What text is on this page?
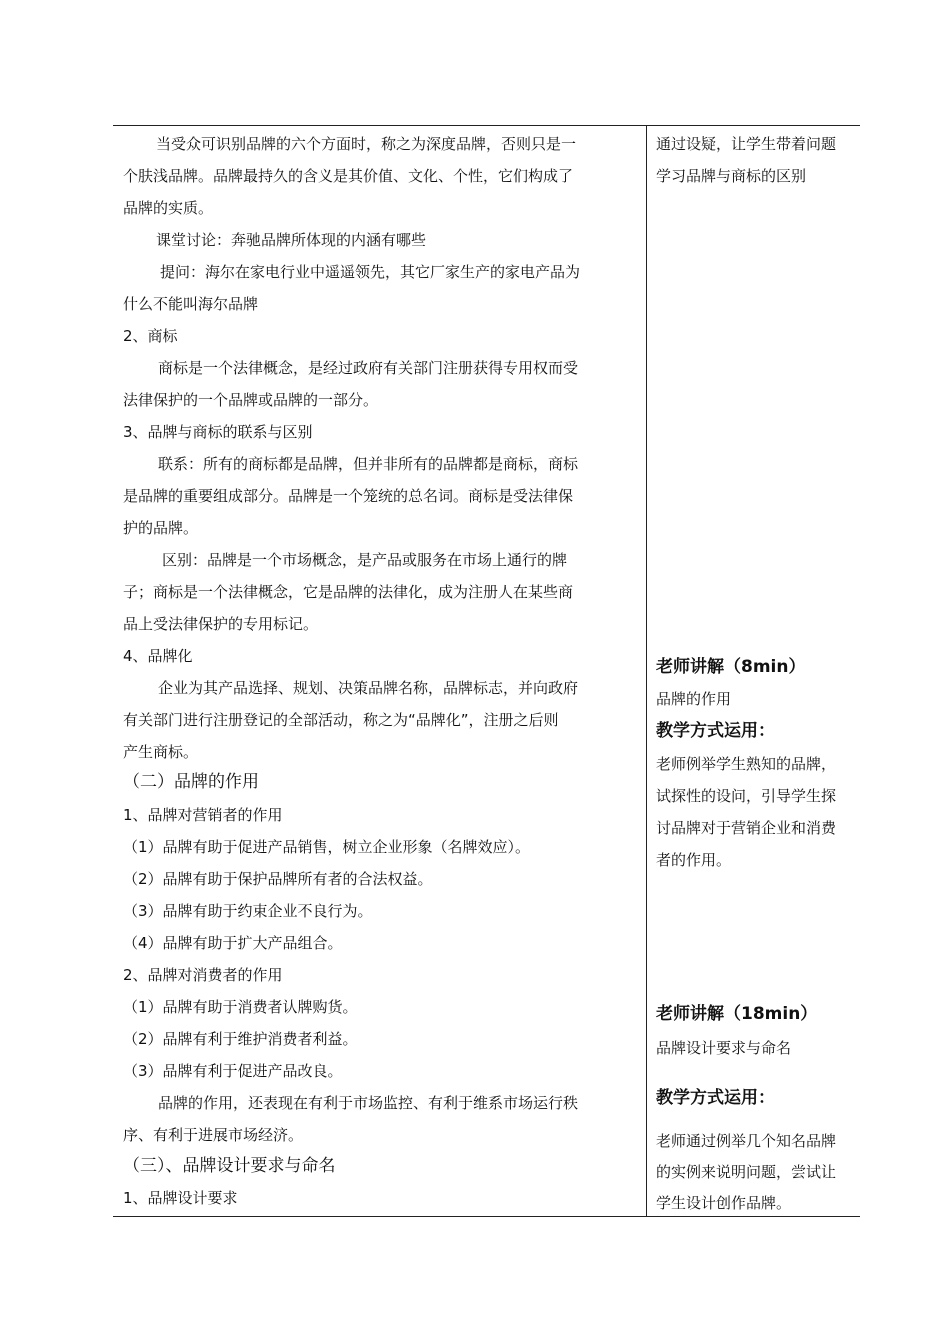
当受众可识别品牌的六个方面时，称之为深度品牌，否则只是一
个肤浅品牌。品牌最持久的含义是其价值、文化、个性，它们构成了
品牌的实质。
课堂讨论：奔驰品牌所体现的内涵有哪些
提问：海尔在家电行业中遥遥领先，其它厂家生产的家电产品为
什么不能叫海尔品牌
2、商标
商标是一个法律概念，是经过政府有关部门注册获得专用权而受
法律保护的一个品牌或品牌的一部分。
3、品牌与商标的联系与区别
联系：所有的商标都是品牌，但并非所有的品牌都是商标，商标
是品牌的重要组成部分。品牌是一个笼统的总名词。商标是受法律保
护的品牌。
区别：品牌是一个市场概念，是产品或服务在市场上通行的牌
子；商标是一个法律概念，它是品牌的法律化，成为注册人在某些商
品上受法律保护的专用标记。
4、品牌化
企业为其产品选择、规划、决策品牌名称，品牌标志，并向政府
有关部门进行注册登记的全部活动，称之为“品牌化”，注册之后则
产生商标。
（二）品牌的作用
1、品牌对营销者的作用
（1）品牌有助于促进产品销售，树立企业形象（名牌效应）。
（2）品牌有助于保护品牌所有者的合法权益。
（3）品牌有助于约束企业不良行为。
（4）品牌有助于扩大产品组合。
2、品牌对消费者的作用
（1）品牌有助于消费者认牌购货。
（2）品牌有利于维护消费者利益。
（3）品牌有利于促进产品改良。
品牌的作用，还表现在有利于市场监控、有利于维系市场运行秩
序、有利于进展市场经济。
（三）、品牌设计要求与命名
1、品牌设计要求
通过设疑，让学生带着问题
学习品牌与商标的区别
老师讲解（8min）
品牌的作用
教学方式运用：
老师例举学生熟知的品牌，
试探性的设问，引导学生探
讨品牌对于营销企业和消费
者的作用。
老师讲解（18min）
品牌设计要求与命名
教学方式运用：
老师通过例举几个知名品牌
的实例来说明问题，尝试让
学生设计创作品牌。
